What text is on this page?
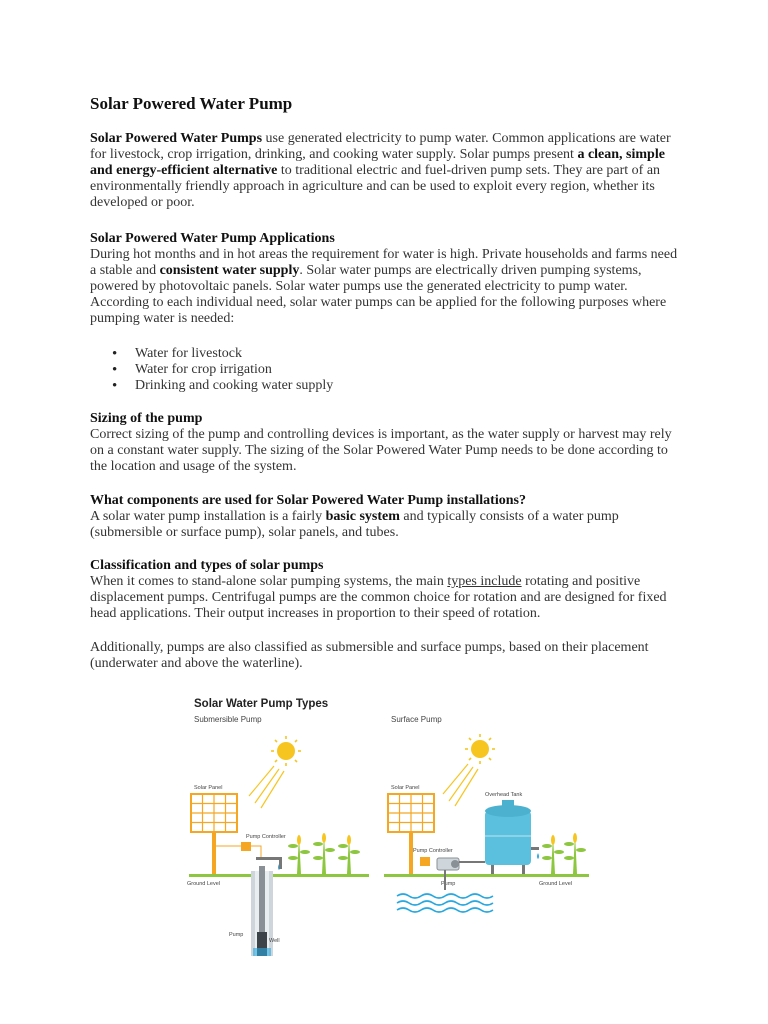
Solar Powered Water Pump

Solar Powered Water Pumps use generated electricity to pump water. Common applications are water for livestock, crop irrigation, drinking, and cooking water supply. Solar pumps present a clean, simple and energy-efficient alternative to traditional electric and fuel-driven pump sets. They are part of an environmentally friendly approach in agriculture and can be used to exploit every region, whether its developed or poor.

Solar Powered Water Pump Applications

During hot months and in hot areas the requirement for water is high. Private households and farms need a stable and consistent water supply. Solar water pumps are electrically driven pumping systems, powered by photovoltaic panels. Solar water pumps use the generated electricity to pump water. According to each individual need, solar water pumps can be applied for the following purposes where pumping water is needed:

• Water for livestock
• Water for crop irrigation
• Drinking and cooking water supply
Sizing of the pump

Correct sizing of the pump and controlling devices is important, as the water supply or harvest may rely on a constant water supply. The sizing of the Solar Powered Water Pump needs to be done according to the location and usage of the system.

What components are used for Solar Powered Water Pump installations?

A solar water pump installation is a fairly basic system and typically consists of a water pump (submersible or surface pump), solar panels, and tubes.

Classification and types of solar pumps

When it comes to stand-alone solar pumping systems, the main types include rotating and positive displacement pumps. Centrifugal pumps are the common choice for rotation and are designed for fixed head applications. Their output increases in proportion to their speed of rotation.

Additionally, pumps are also classified as submersible and surface pumps, based on their placement (underwater and above the waterline).

Solar Water Pump Types
Submersible Pump	Surface Pump
Solar Panel
Pump Controller
Ground Level
Pump
Well
Solar Panel
Overhead Tank
Pump Controller
Pump	Ground Level
